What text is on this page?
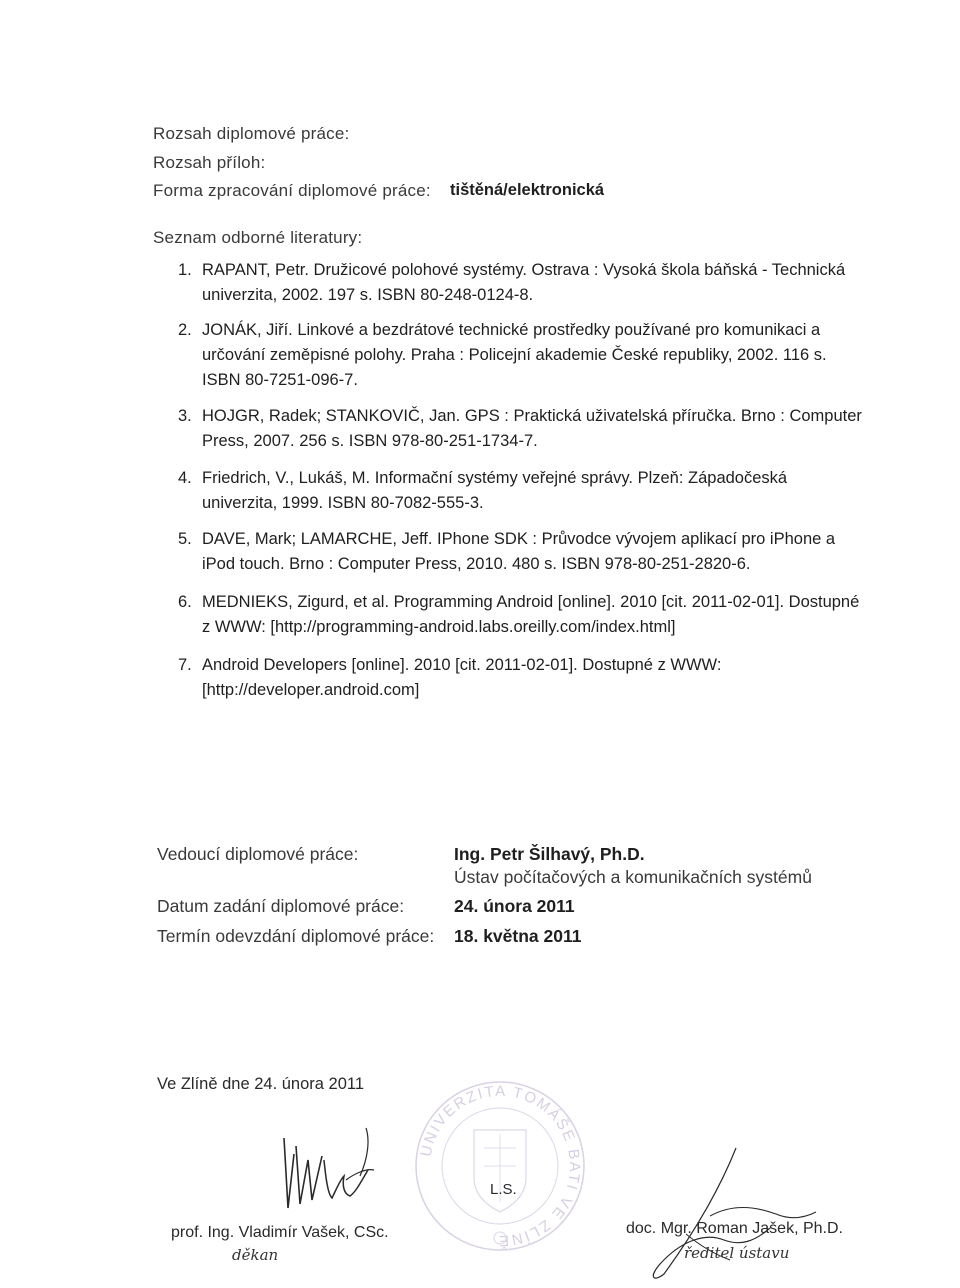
Rozsah diplomové práce:
Rozsah příloh:
Forma zpracování diplomové práce: tištěná/elektronická
Seznam odborné literatury:
1. RAPANT, Petr. Družicové polohové systémy. Ostrava : Vysoká škola báňská - Technická univerzita, 2002. 197 s. ISBN 80-248-0124-8.
2. JONÁK, Jiří. Linkové a bezdrátové technické prostředky používané pro komunikaci a určování zeměpisné polohy. Praha : Policejní akademie České republiky, 2002. 116 s. ISBN 80-7251-096-7.
3. HOJGR, Radek; STANKOVIČ, Jan. GPS : Praktická uživatelská příručka. Brno : Computer Press, 2007. 256 s. ISBN 978-80-251-1734-7.
4. Friedrich, V., Lukáš, M. Informační systémy veřejné správy. Plzeň: Západočeská univerzita, 1999. ISBN 80-7082-555-3.
5. DAVE, Mark; LAMARCHE, Jeff. IPhone SDK : Průvodce vývojem aplikací pro iPhone a iPod touch. Brno : Computer Press, 2010. 480 s. ISBN 978-80-251-2820-6.
6. MEDNIEKS, Zigurd, et al. Programming Android [online]. 2010 [cit. 2011-02-01]. Dostupné z WWW: [http://programming-android.labs.oreilly.com/index.html]
7. Android Developers [online]. 2010 [cit. 2011-02-01]. Dostupné z WWW: [http://developer.android.com]
Vedoucí diplomové práce:	Ing. Petr Šilhavý, Ph.D.
Ústav počítačových a komunikačních systémů
Datum zadání diplomové práce:	24. února 2011
Termín odevzdání diplomové práce: 18. května 2011
Ve Zlíně dne 24. února 2011
prof. Ing. Vladimír Vašek, CSc.
děkan
UNIVERZITA TOMÁŠE BATI VE ZLÍNĚ
L.S.
doc. Mgr. Roman Jašek, Ph.D.
ředitel ústavu
